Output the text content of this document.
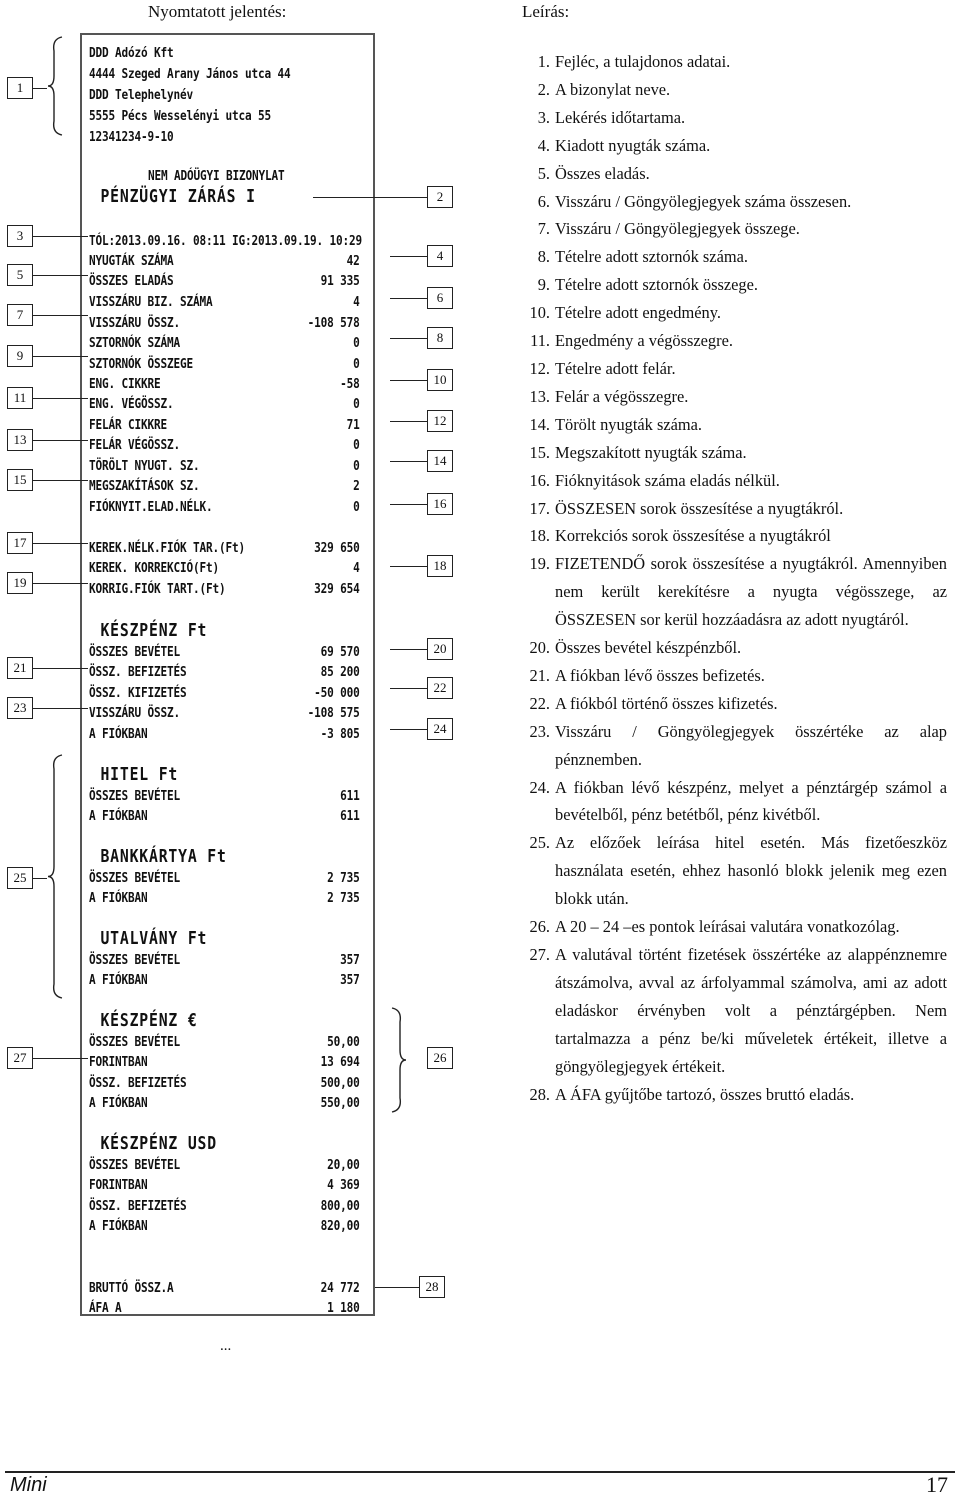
Nyomtatott jelentés:	Leírás:
DDD Adózó Kft
4444 Szeged Arany János utca 44
DDD Telephelynév
5555 Pécs Wesselényi utca 55
12341234-9-10
NEM ADÓÜGYI BIZONYLAT
PÉNZÜGYI ZÁRÁS I
TÓL:2013.09.16. 08:11 IG:2013.09.19. 10:29
NYUGTÁK SZÁMA	42
ÖSSZES ELADÁS	91 335
VISSZÁRU BIZ. SZÁMA	4
VISSZÁRU ÖSSZ.	-108 578
SZTORNÓK SZÁMA	0
SZTORNÓK ÖSSZEGE	0
ENG. CIKKRE	-58
ENG. VÉGÖSSZ.	0
FELÁR CIKKRE	71
FELÁR VÉGÖSSZ.	0
TÖRÖLT NYUGT. SZ.	0
MEGSZAKÍTÁSOK SZ.	2
FIÓKNYIT.ELAD.NÉLK.	0
KEREK.NÉLK.FIÓK TAR.(Ft)	329 650
KEREK. KORREKCIÓ(Ft)	4
KORRIG.FIÓK TART.(Ft)	329 654
KÉSZPÉNZ Ft
ÖSSZES BEVÉTEL	69 570
ÖSSZ. BEFIZETÉS	85 200
ÖSSZ. KIFIZETÉS	-50 000
VISSZÁRU ÖSSZ.	-108 575
A FIÓKBAN	-3 805
HITEL Ft
ÖSSZES BEVÉTEL	611
A FIÓKBAN	611
BANKKÁRTYA Ft
ÖSSZES BEVÉTEL	2 735
A FIÓKBAN	2 735
UTALVÁNY Ft
ÖSSZES BEVÉTEL	357
A FIÓKBAN	357
KÉSZPÉNZ €
ÖSSZES BEVÉTEL	50,00
FORINTBAN	13 694
ÖSSZ. BEFIZETÉS	500,00
A FIÓKBAN	550,00
KÉSZPÉNZ USD
ÖSSZES BEVÉTEL	20,00
FORINTBAN	4 369
ÖSSZ. BEFIZETÉS	800,00
A FIÓKBAN	820,00
BRUTTÓ ÖSSZ.A	24 772
ÁFA A	1 180
1
3
5
7
9
11
13
15
17
19
21
23
25
27
2
4
6
8
10
12
14
16
18
20
22
24
26
28
1. Fejléc, a tulajdonos adatai.
2. A bizonylat neve.
3. Lekérés időtartama.
4. Kiadott nyugták száma.
5. Összes eladás.
6. Visszáru / Göngyölegjegyek száma összesen.
7. Visszáru / Göngyölegjegyek összege.
8. Tételre adott sztornók száma.
9. Tételre adott sztornók összege.
10. Tételre adott engedmény.
11. Engedmény a végösszegre.
12. Tételre adott felár.
13. Felár a végösszegre.
14. Törölt nyugták száma.
15. Megszakított nyugták száma.
16. Fióknyitások száma eladás nélkül.
17. ÖSSZESEN sorok összesítése a nyugtákról.
18. Korrekciós sorok összesítése a nyugtákról
19. FIZETENDŐ sorok összesítése a nyugtákról. Amennyiben nem került kerekítésre a nyugta végösszege, az ÖSSZESEN sor kerül hozzáadásra az adott nyugtáról.
20. Összes bevétel készpénzből.
21. A fiókban lévő összes befizetés.
22. A fiókból történő összes kifizetés.
23. Visszáru / Göngyölegjegyek összértéke az alap pénznemben.
24. A fiókban lévő készpénz, melyet a pénztárgép számol a bevételből, pénz betétből, pénz kivétből.
25. Az előzőek leírása hitel esetén. Más fizetőeszköz használata esetén, ehhez hasonló blokk jelenik meg ezen blokk után.
26. A 20 – 24 –es pontok leírásai valutára vonatkozólag.
27. A valutával történt fizetések összértéke az alappénznemre átszámolva, avval az árfolyammal számolva, ami az adott eladáskor érvényben volt a pénztárgépben. Nem tartalmazza a pénz be/ki műveletek értékeit, illetve a göngyölegjegyek értékeit.
28. A ÁFA gyűjtőbe tartozó, összes bruttó eladás.
...
Mini	17
